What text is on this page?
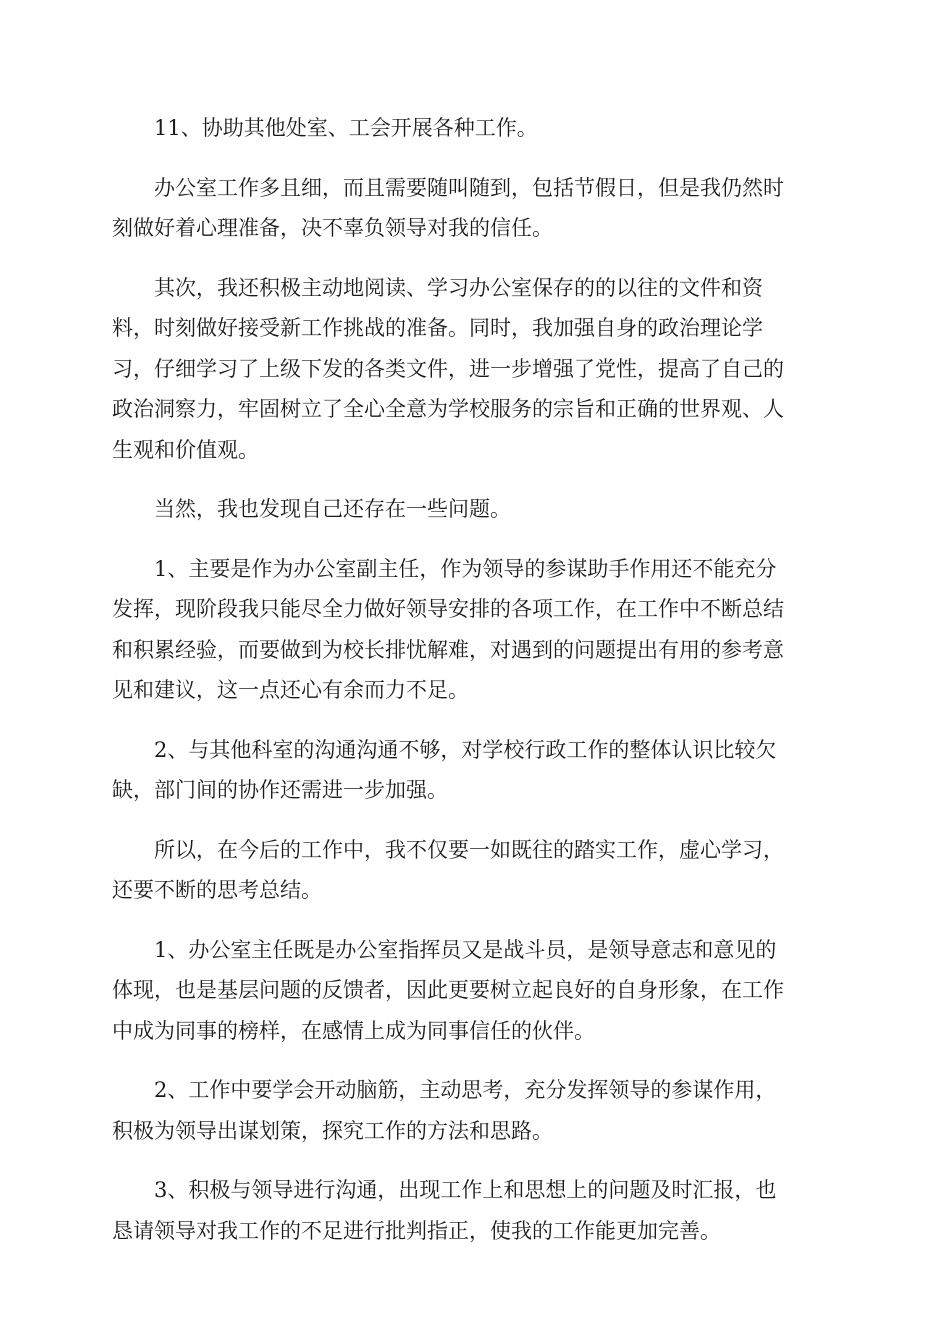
11、协助其他处室、工会开展各种工作。

办公室工作多且细，而且需要随叫随到，包括节假日，但是我仍然时
刻做好着心理准备，决不辜负领导对我的信任。

其次，我还积极主动地阅读、学习办公室保存的的以往的文件和资
料，时刻做好接受新工作挑战的准备。同时，我加强自身的政治理论学
习，仔细学习了上级下发的各类文件，进一步增强了党性，提高了自己的
政治洞察力，牢固树立了全心全意为学校服务的宗旨和正确的世界观、人
生观和价值观。

当然，我也发现自己还存在一些问题。

1、主要是作为办公室副主任，作为领导的参谋助手作用还不能充分
发挥，现阶段我只能尽全力做好领导安排的各项工作，在工作中不断总结
和积累经验，而要做到为校长排忧解难，对遇到的问题提出有用的参考意
见和建议，这一点还心有余而力不足。

2、与其他科室的沟通沟通不够，对学校行政工作的整体认识比较欠
缺，部门间的协作还需进一步加强。

所以，在今后的工作中，我不仅要一如既往的踏实工作，虚心学习，
还要不断的思考总结。

1、办公室主任既是办公室指挥员又是战斗员，是领导意志和意见的
体现，也是基层问题的反馈者，因此更要树立起良好的自身形象，在工作
中成为同事的榜样，在感情上成为同事信任的伙伴。

2、工作中要学会开动脑筋，主动思考，充分发挥领导的参谋作用，
积极为领导出谋划策，探究工作的方法和思路。

3、积极与领导进行沟通，出现工作上和思想上的问题及时汇报，也
恳请领导对我工作的不足进行批判指正，使我的工作能更加完善。
